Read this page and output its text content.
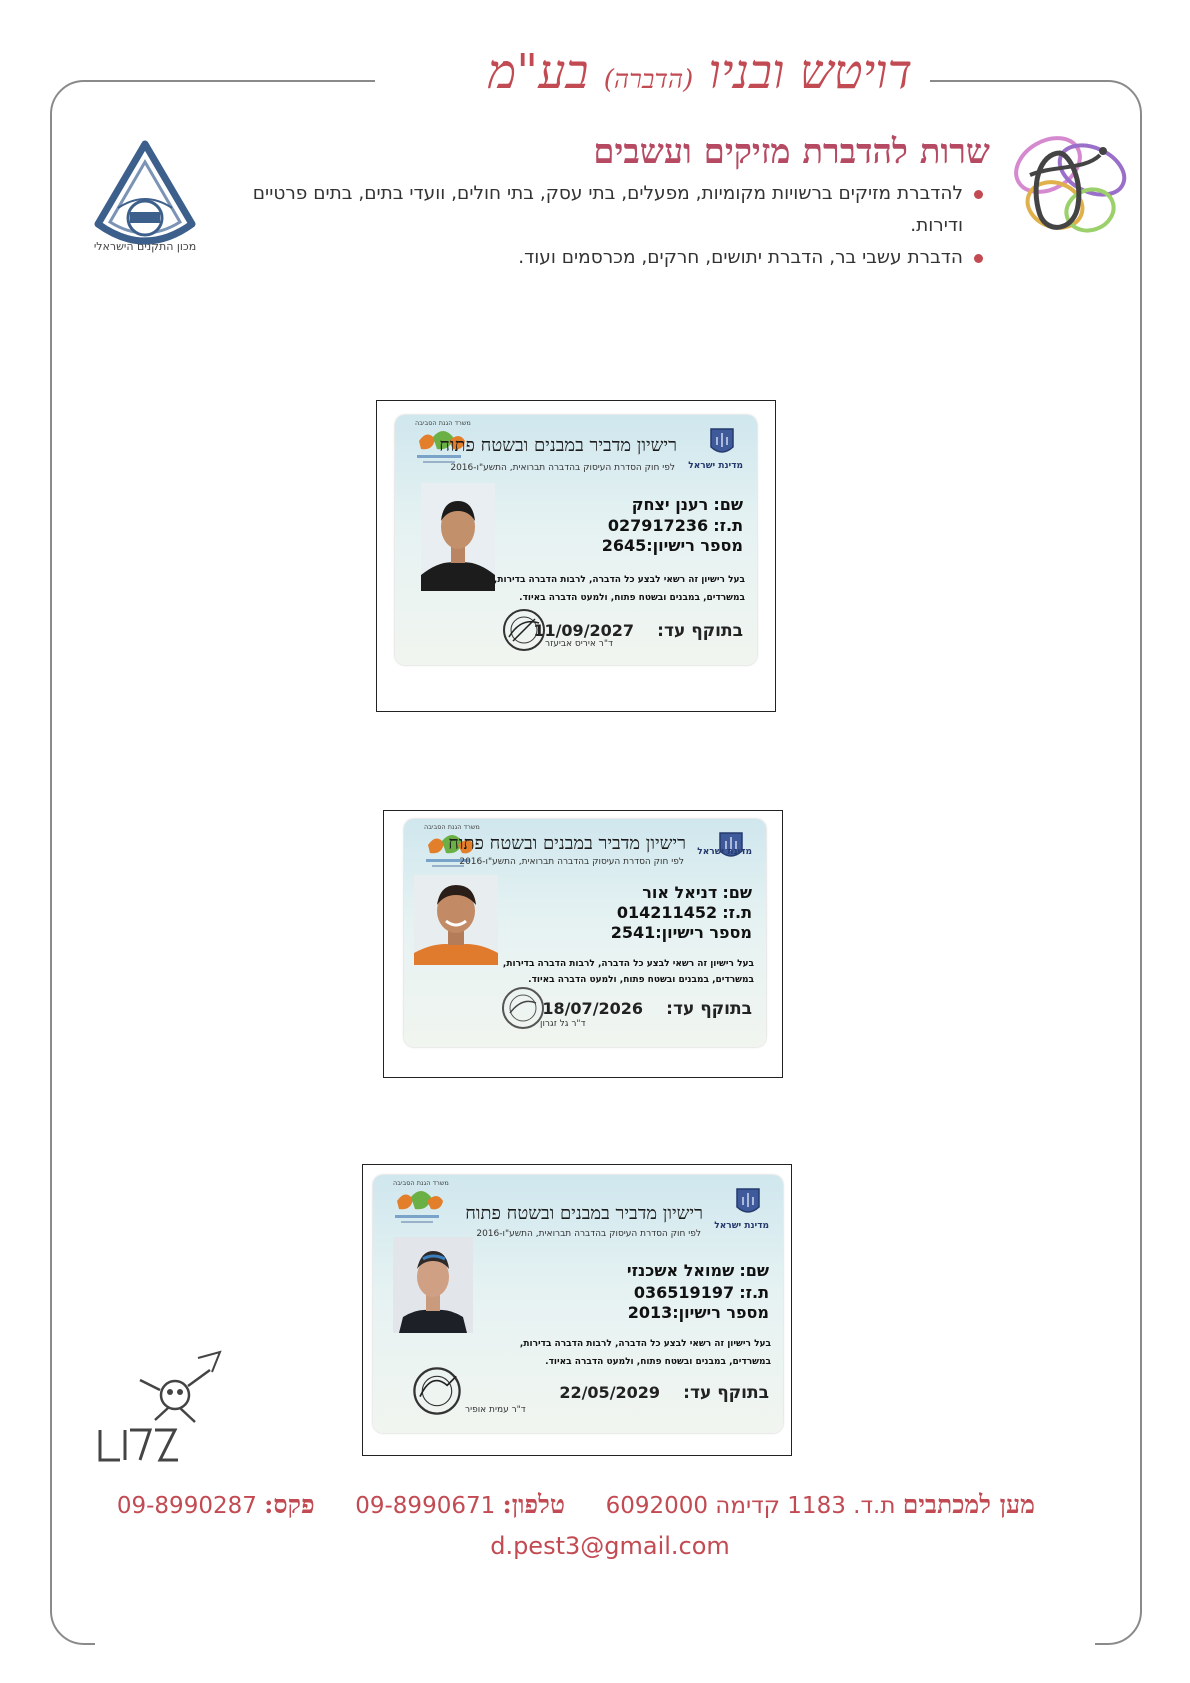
דויטש ובניו (הדברה) בע"מ
שרות להדברת מזיקים ועשבים
להדברת מזיקים ברשויות מקומיות, מפעלים, בתי עסק, בתי חולים, וועדי בתים, בתים פרטיים ודירות.
הדברת עשבי בר, הדברת יתושים, חרקים, מכרסמים ועוד.
מכון התקנים הישראלי
מדינת ישראל
משרד הגנת הסביבה
רישיון מדביר במבנים ובשטח פתוח
לפי חוק הסדרת העיסוק בהדברה תברואית, התשע"ו-2016
שם: רענן יצחק
ת.ז: 027917236
מספר רישיון:2645
בעל רישיון זה רשאי לבצע כל הדברה, לרבות הדברה בדירות,
במשרדים, במבנים ובשטח פתוח, ולמעט הדברה באיוד.
בתוקף עד: 11/09/2027
ד"ר איריס אביעזר
מדינת ישראל
משרד הגנת הסביבה
רישיון מדביר במבנים ובשטח פתוח
לפי חוק הסדרת העיסוק בהדברה תברואית, התשע"ו-2016
שם: דניאל אור
ת.ז: 014211452
מספר רישיון:2541
בעל רישיון זה רשאי לבצע כל הדברה, לרבות הדברה בדירות,
במשרדים, במבנים ובשטח פתוח, ולמעט הדברה באיוד.
בתוקף עד: 18/07/2026
ד"ר גל זגרון
מדינת ישראל
משרד הגנת הסביבה
רישיון מדביר במבנים ובשטח פתוח
לפי חוק הסדרת העיסוק בהדברה תברואית, התשע"ו-2016
שם: שמואל אשכנזי
ת.ז: 036519197
מספר רישיון:2013
בעל רישיון זה רשאי לבצע כל הדברה, לרבות הדברה בדירות,
במשרדים, במבנים ובשטח פתוח, ולמעט הדברה באיוד.
בתוקף עד: 22/05/2029
ד"ר עמית אופיר
מען למכתבים ת.ד. 1183 קדימה 6092000  טלפון: 09-8990671  פקס: 09-8990287
d.pest3@gmail.com
